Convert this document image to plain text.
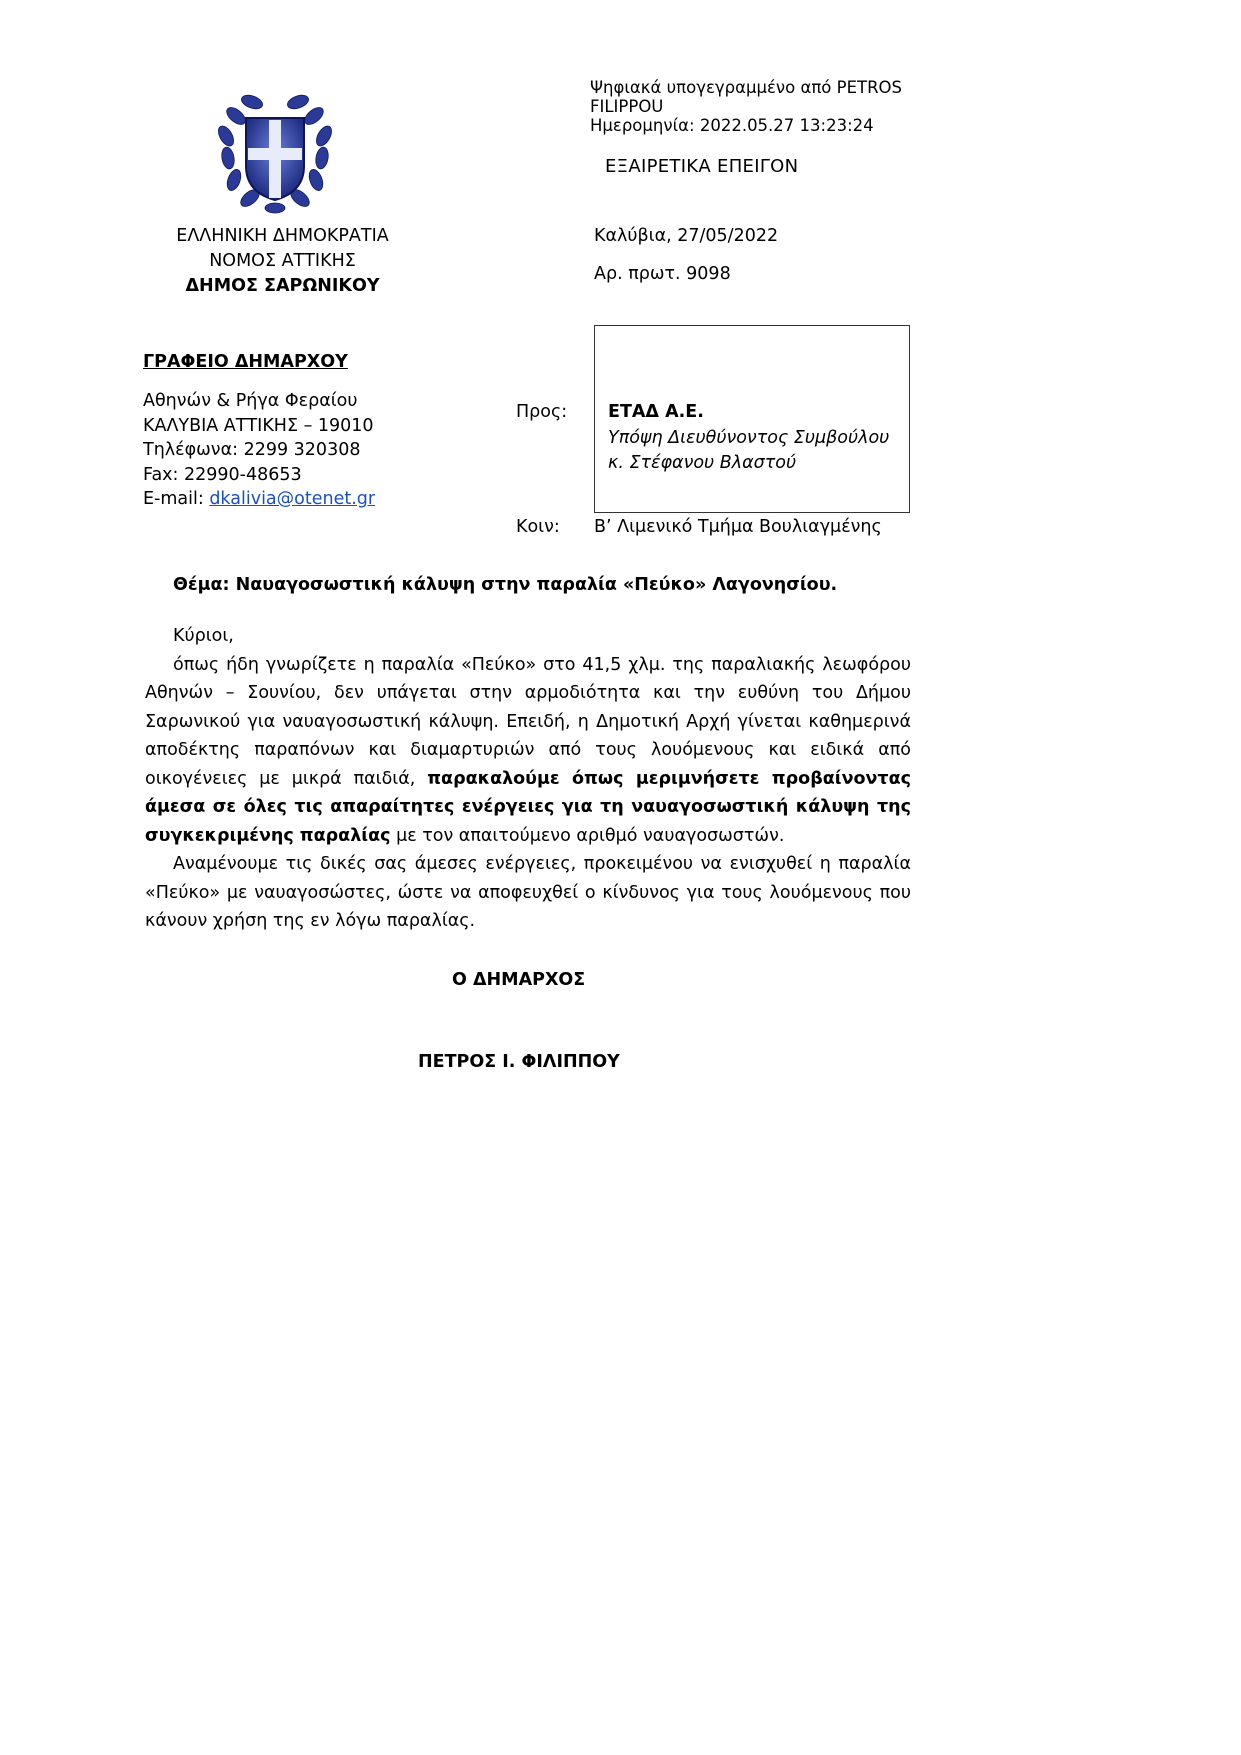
Ψηφιακά υπογεγραμμένο από PETROS
FILIPPOU
Ημερομηνία: 2022.05.27 13:23:24
ΕΞΑΙΡΕΤΙΚΑ ΕΠΕΙΓΟΝ
ΕΛΛΗΝΙΚΗ ΔΗΜΟΚΡΑΤΙΑ
ΝΟΜΟΣ ΑΤΤΙΚΗΣ
ΔΗΜΟΣ ΣΑΡΩΝΙΚΟΥ
Καλύβια, 27/05/2022
Αρ. πρωτ. 9098
ΓΡΑΦΕΙΟ ΔΗΜΑΡΧΟΥ
Αθηνών & Ρήγα Φεραίου
ΚΑΛΥΒΙΑ ΑΤΤΙΚΗΣ – 19010
Τηλέφωνα: 2299 320308
Fax: 22990-48653
E-mail: dkalivia@otenet.gr
Προς: ΕΤΑΔ Α.Ε.
Υπόψη Διευθύνοντος Συμβούλου
κ. Στέφανου Βλαστού
Κοιν: Β’ Λιμενικό Τμήμα Βουλιαγμένης
Θέμα: Ναυαγοσωστική κάλυψη στην παραλία «Πεύκο» Λαγονησίου.

Κύριοι,

όπως ήδη γνωρίζετε η παραλία «Πεύκο» στο 41,5 χλμ. της παραλιακής λεωφόρου Αθηνών – Σουνίου, δεν υπάγεται στην αρμοδιότητα και την ευθύνη του Δήμου Σαρωνικού για ναυαγοσωστική κάλυψη. Επειδή, η Δημοτική Αρχή γίνεται καθημερινά αποδέκτης παραπόνων και διαμαρτυριών από τους λουόμενους και ειδικά από οικογένειες με μικρά παιδιά, παρακαλούμε όπως μεριμνήσετε προβαίνοντας άμεσα σε όλες τις απαραίτητες ενέργειες για τη ναυαγοσωστική κάλυψη της συγκεκριμένης παραλίας με τον απαιτούμενο αριθμό ναυαγοσωστών.

Αναμένουμε τις δικές σας άμεσες ενέργειες, προκειμένου να ενισχυθεί η παραλία «Πεύκο» με ναυαγοσώστες, ώστε να αποφευχθεί ο κίνδυνος για τους λουόμενους που κάνουν χρήση της εν λόγω παραλίας.

Ο ΔΗΜΑΡΧΟΣ
ΠΕΤΡΟΣ Ι. ΦΙΛΙΠΠΟΥ
